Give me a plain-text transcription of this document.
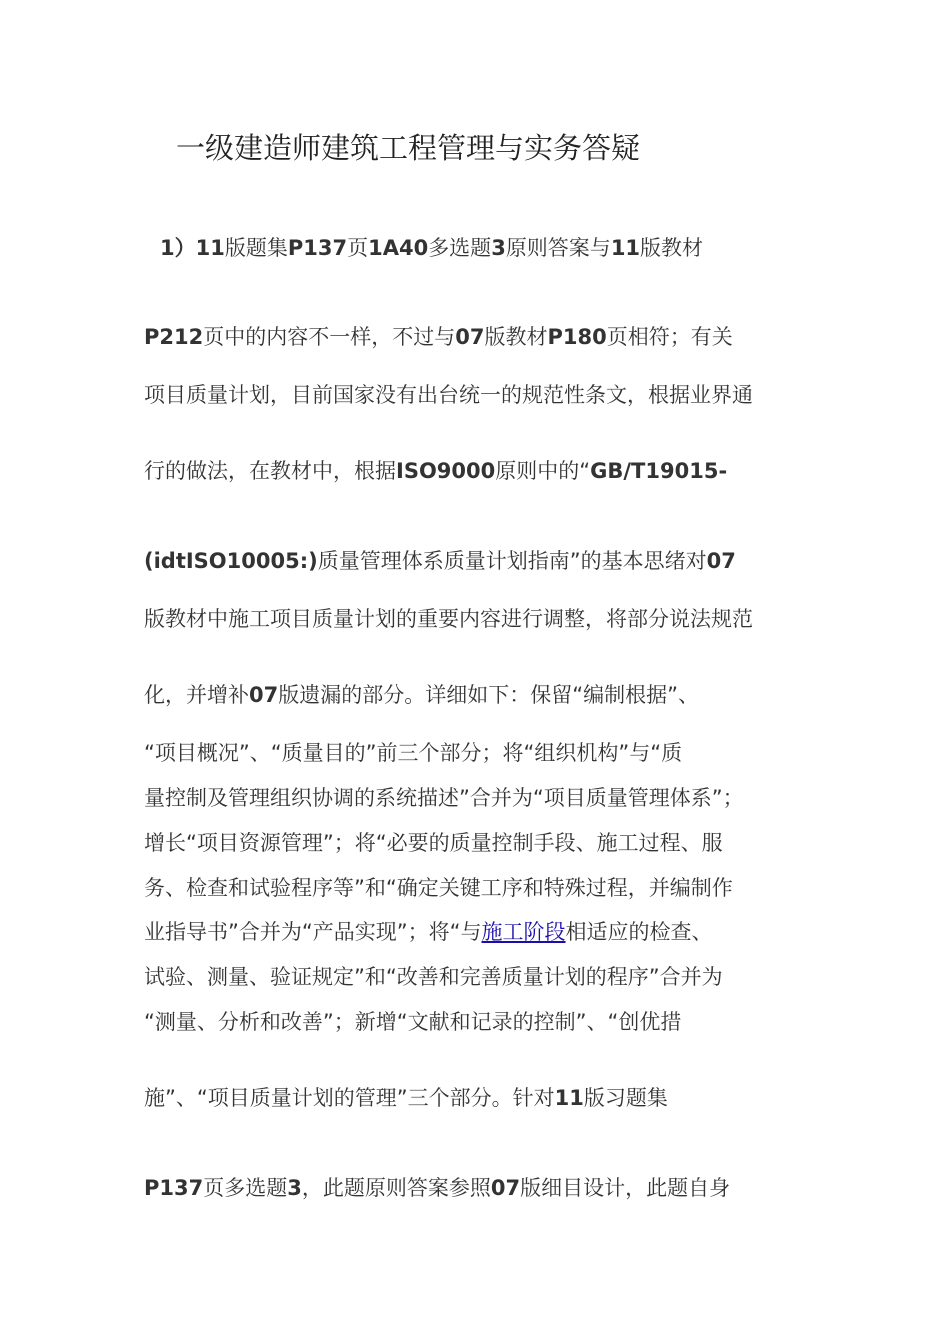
一级建造师建筑工程管理与实务答疑
1）11版题集P137页1A40多选题3原则答案与11版教材
P212页中的内容不一样，不过与07版教材P180页相符；有关
项目质量计划，目前国家没有出台统一的规范性条文，根据业界通
行的做法，在教材中，根据ISO9000原则中的“GB/T19015-
(idtISO10005:)质量管理体系质量计划指南”的基本思绪对07
版教材中施工项目质量计划的重要内容进行调整，将部分说法规范
化，并增补07版遗漏的部分。详细如下：保留“编制根据”、
“项目概况”、“质量目的”前三个部分；将“组织机构”与“质
量控制及管理组织协调的系统描述”合并为“项目质量管理体系”；
增长“项目资源管理”；将“必要的质量控制手段、施工过程、服
务、检查和试验程序等”和“确定关键工序和特殊过程，并编制作
业指导书”合并为“产品实现”；将“与施工阶段相适应的检查、
试验、测量、验证规定”和“改善和完善质量计划的程序”合并为
“测量、分析和改善”；新增“文献和记录的控制”、“创优措
施”、“项目质量计划的管理”三个部分。针对11版习题集
P137页多选题3，此题原则答案参照07版细目设计，此题自身
